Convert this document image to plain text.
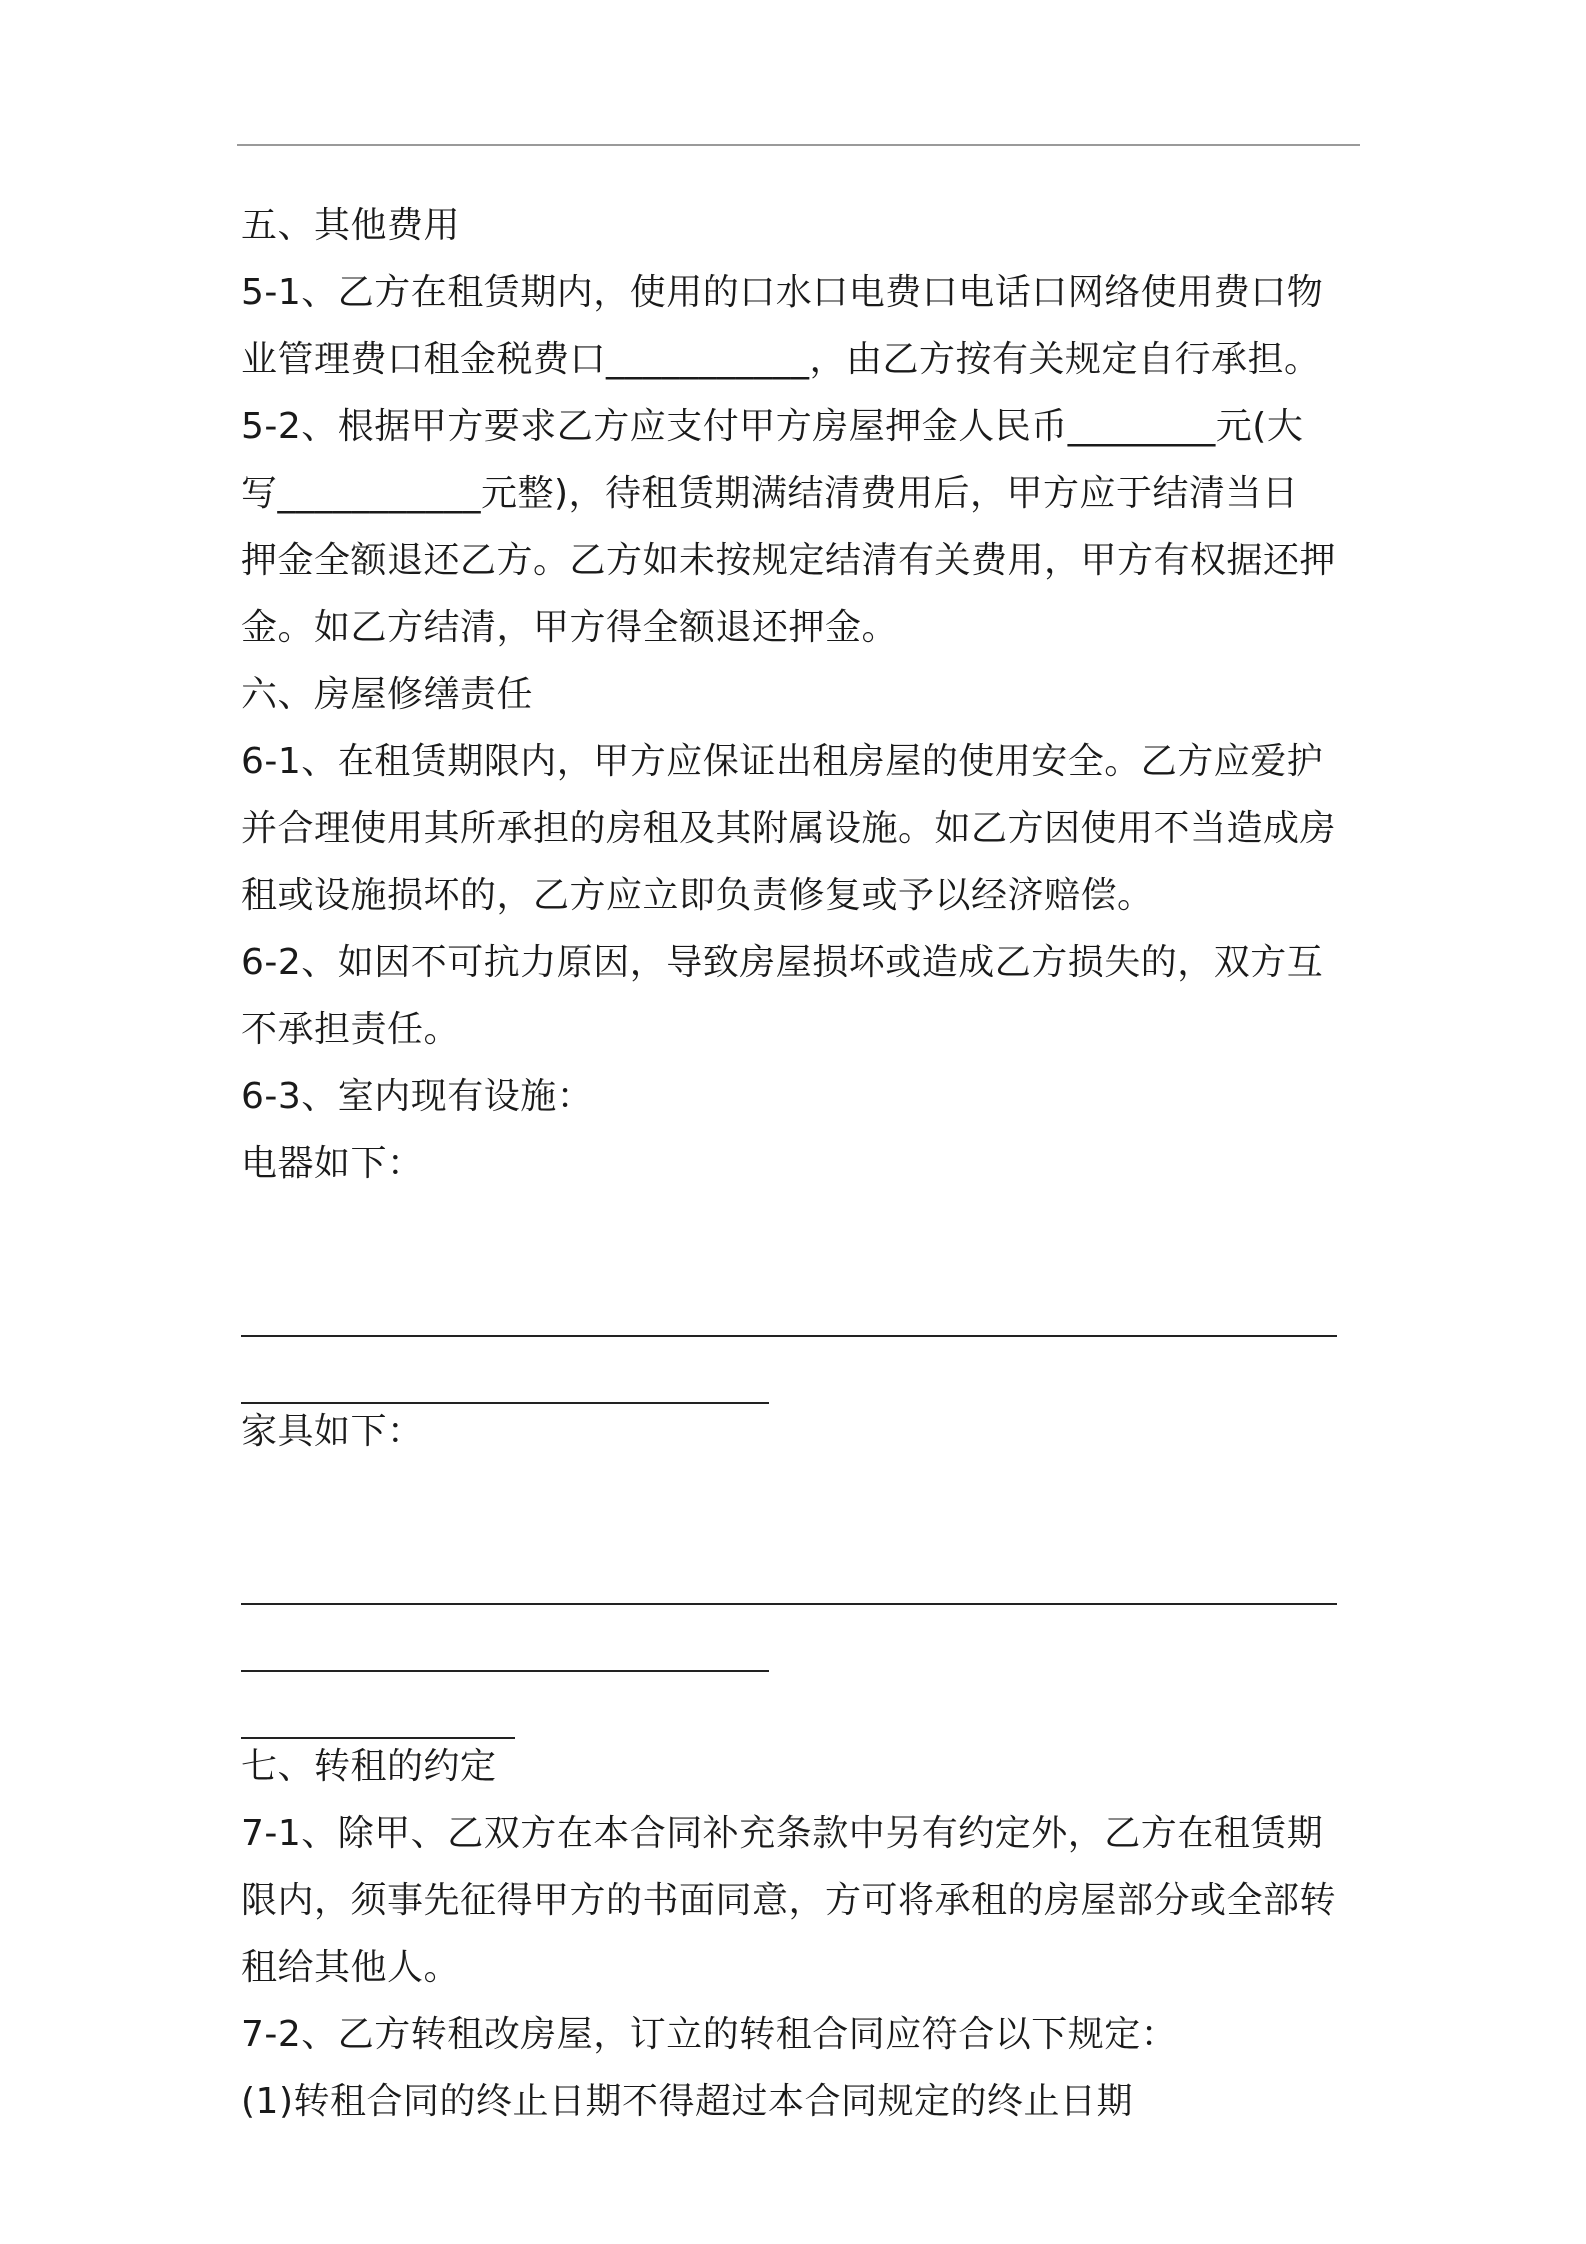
五、其他费用
5-1、乙方在租赁期内，使用的口水口电费口电话口网络使用费口物
业管理费口租金税费口___________，由乙方按有关规定自行承担。
5-2、根据甲方要求乙方应支付甲方房屋押金人民币________元(大
写___________元整)，待租赁期满结清费用后，甲方应于结清当日
押金全额退还乙方。乙方如未按规定结清有关费用，甲方有权据还押
金。如乙方结清，甲方得全额退还押金。
六、房屋修缮责任
6-1、在租赁期限内，甲方应保证出租房屋的使用安全。乙方应爱护
并合理使用其所承担的房租及其附属设施。如乙方因使用不当造成房
租或设施损坏的，乙方应立即负责修复或予以经济赔偿。
6-2、如因不可抗力原因，导致房屋损坏或造成乙方损失的，双方互
不承担责任。
6-3、室内现有设施：
电器如下：
家具如下：
七、转租的约定
7-1、除甲、乙双方在本合同补充条款中另有约定外，乙方在租赁期
限内，须事先征得甲方的书面同意，方可将承租的房屋部分或全部转
租给其他人。
7-2、乙方转租改房屋，订立的转租合同应符合以下规定：
(1)转租合同的终止日期不得超过本合同规定的终止日期
